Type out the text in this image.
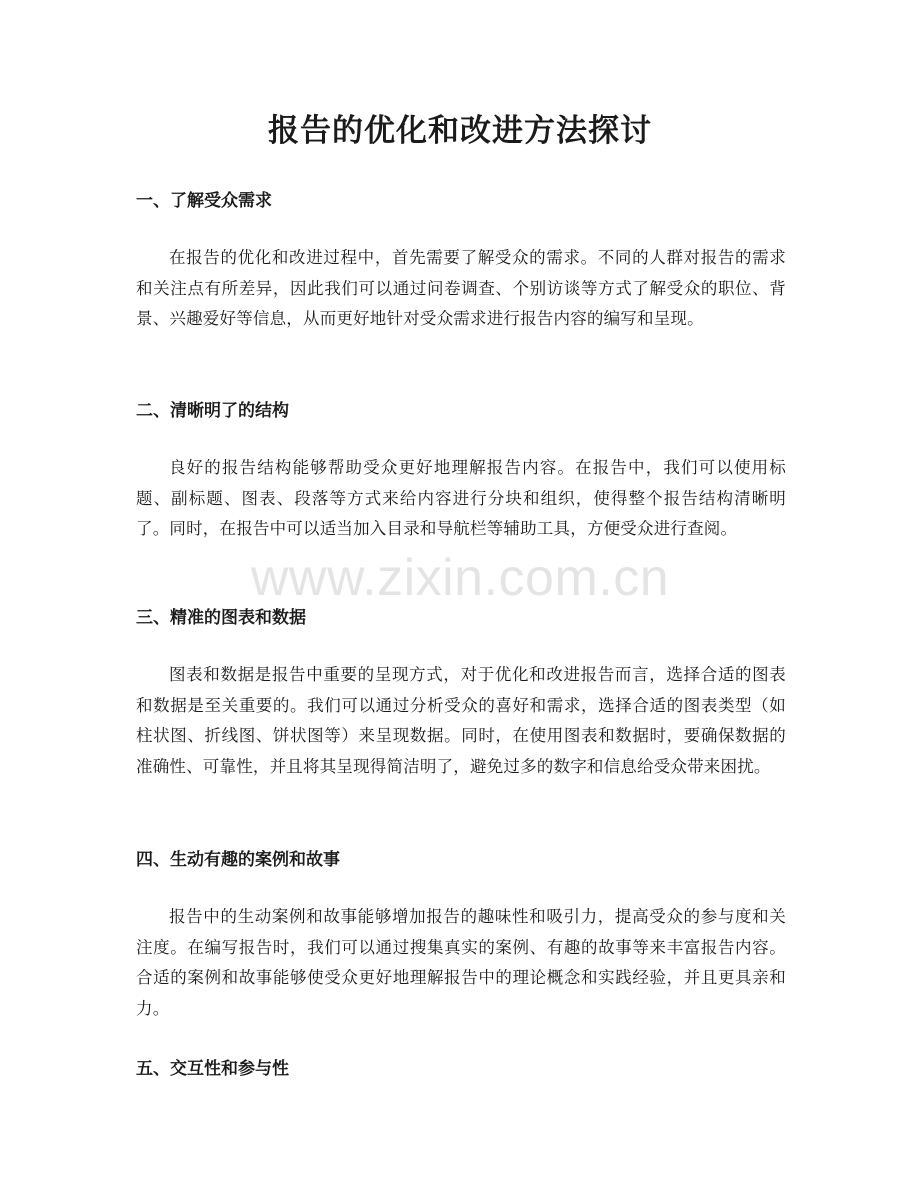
报告的优化和改进方法探讨
一、了解受众需求

在报告的优化和改进过程中，首先需要了解受众的需求。不同的人群对报告的需求和关注点有所差异，因此我们可以通过问卷调查、个别访谈等方式了解受众的职位、背景、兴趣爱好等信息，从而更好地针对受众需求进行报告内容的编写和呈现。

二、清晰明了的结构

良好的报告结构能够帮助受众更好地理解报告内容。在报告中，我们可以使用标题、副标题、图表、段落等方式来给内容进行分块和组织，使得整个报告结构清晰明了。同时，在报告中可以适当加入目录和导航栏等辅助工具，方便受众进行查阅。

三、精准的图表和数据

图表和数据是报告中重要的呈现方式，对于优化和改进报告而言，选择合适的图表和数据是至关重要的。我们可以通过分析受众的喜好和需求，选择合适的图表类型（如柱状图、折线图、饼状图等）来呈现数据。同时，在使用图表和数据时，要确保数据的准确性、可靠性，并且将其呈现得简洁明了，避免过多的数字和信息给受众带来困扰。

四、生动有趣的案例和故事

报告中的生动案例和故事能够增加报告的趣味性和吸引力，提高受众的参与度和关注度。在编写报告时，我们可以通过搜集真实的案例、有趣的故事等来丰富报告内容。合适的案例和故事能够使受众更好地理解报告中的理论概念和实践经验，并且更具亲和力。

五、交互性和参与性
www.zixin.com.cn
